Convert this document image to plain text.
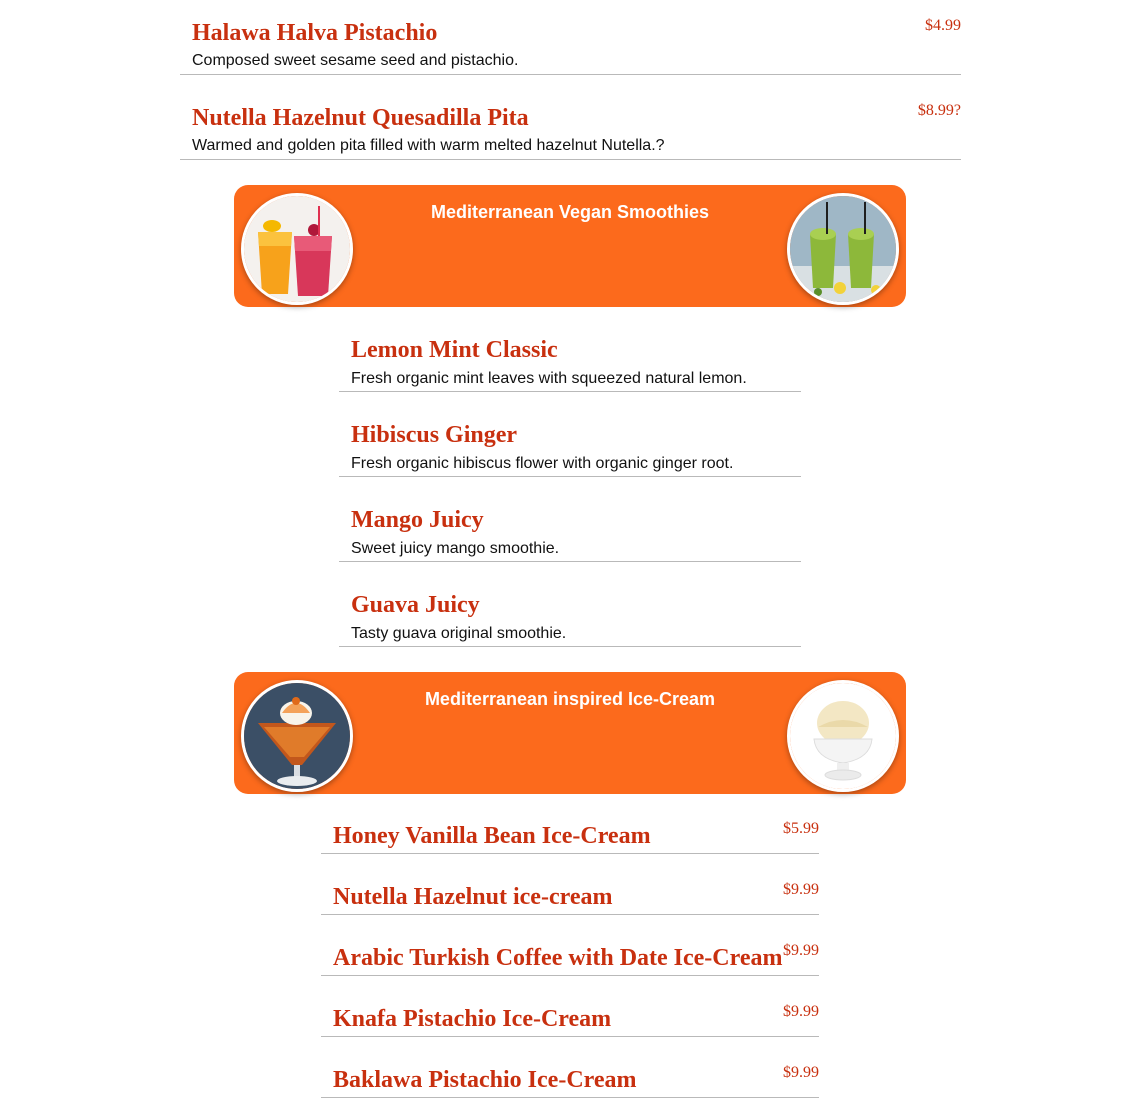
Halawa Halva Pistachio
Composed sweet sesame seed and pistachio.
$4.99
Nutella Hazelnut Quesadilla Pita
Warmed and golden pita filled with warm melted hazelnut Nutella.?
$8.99?
Mediterranean Vegan Smoothies
Lemon Mint Classic
Fresh organic mint leaves with squeezed natural lemon.
Hibiscus Ginger
Fresh organic hibiscus flower with organic ginger root.
Mango Juicy
Sweet juicy mango smoothie.
Guava Juicy
Tasty guava original smoothie.
Mediterranean inspired Ice-Cream
Honey Vanilla Bean Ice-Cream	$5.99
Nutella Hazelnut ice-cream	$9.99
Arabic Turkish Coffee with Date Ice-Cream $9.99
Knafa Pistachio Ice-Cream	$9.99
Baklawa Pistachio Ice-Cream	$9.99
